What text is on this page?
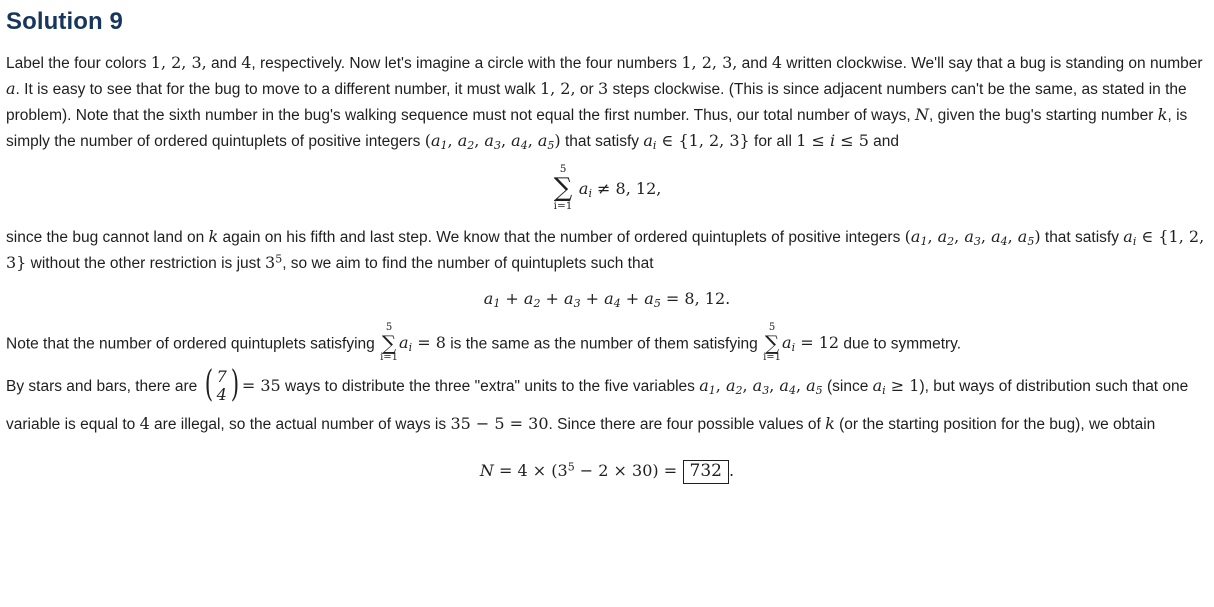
Solution 9

Label the four colors 1, 2, 3, and 4, respectively. Now let's imagine a circle with the four numbers 1, 2, 3, and 4 written clockwise. We'll say that a bug is standing on number a. It is easy to see that for the bug to move to a different number, it must walk 1, 2, or 3 steps clockwise. (This is since adjacent numbers can't be the same, as stated in the problem). Note that the sixth number in the bug's walking sequence must not equal the first number. Thus, our total number of ways, N, given the bug's starting number k, is simply the number of ordered quintuplets of positive integers ($a_1$, $a_2$, $a_3$, $a_4$, $a_5$) that satisfy $a_i$ ∈ {1, 2, 3} for all 1 ≤ i ≤ 5 and

5
∑
i=1
$a_i \ne 8$, 12,

since the bug cannot land on k again on his fifth and last step. We know that the number of ordered quintuplets of positive integers ($a_1$, $a_2$, $a_3$, $a_4$, $a_5$) that satisfy $a_i$ ∈ {1, 2, 3} without the other restriction is just $3^5$, so we aim to find the number of quintuplets such that

$a_1 + a_2 + a_3 + a_4 + a_5 = 8$, 12.

Note that the number of ordered quintuplets satisfying
5
∑
i=1
$a_i = 8$ is the same as the number of them satisfying
5
∑
i=1
$a_i = 12$ due to symmetry.

By stars and bars, there are ( 7
4 ) = 35 ways to distribute the three "extra" units to the five variables $a_1$, $a_2$, $a_3$, $a_4$, $a_5$ (since $a_i \ge 1$), but ways of distribution such that one variable is equal to 4 are illegal, so the actual number of ways is 35 − 5 = 30. Since there are four possible values of k (or the starting position for the bug), we obtain

$N = 4 \times (3^5 - 2 \times 30) = 732$ .
